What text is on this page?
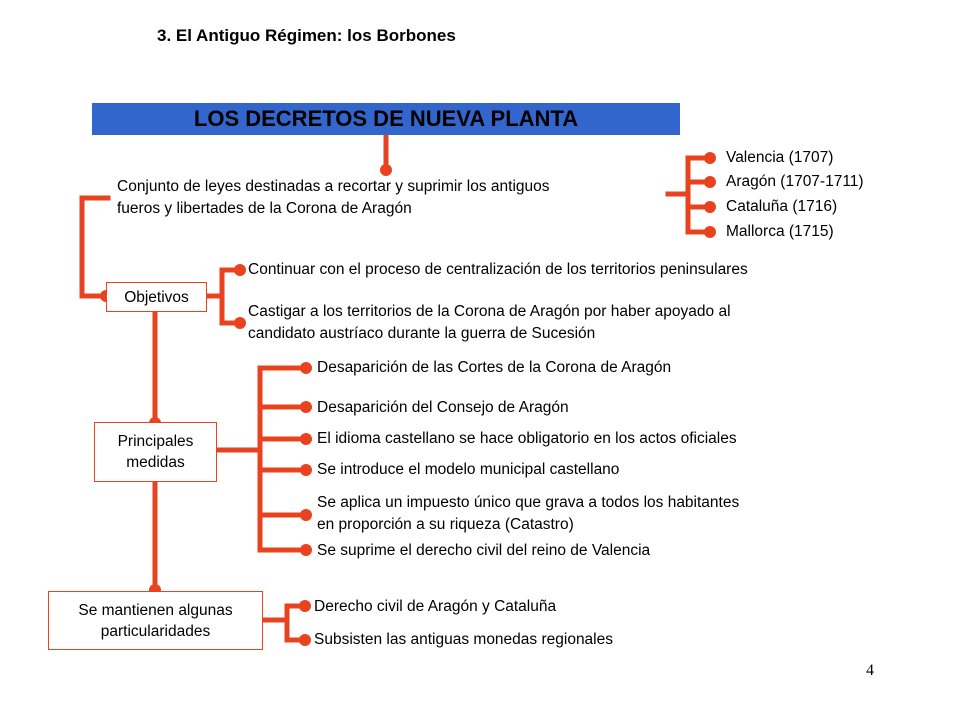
3. El Antiguo Régimen: los Borbones
LOS DECRETOS DE NUEVA PLANTA
Conjunto de leyes destinadas a recortar y suprimir los antiguos
fueros y libertades de la Corona de Aragón
Valencia (1707)
Aragón (1707-1711)
Cataluña (1716)
Mallorca (1715)
Objetivos
Continuar con el proceso de centralización de los territorios peninsulares
Castigar a los territorios de la Corona de Aragón por haber apoyado al
candidato austríaco durante la guerra de Sucesión
Principales
medidas
Desaparición de las Cortes de la Corona de Aragón
Desaparición del Consejo de Aragón
El idioma castellano se hace obligatorio en los actos oficiales
Se introduce el modelo municipal castellano
Se aplica un impuesto único que grava a todos los habitantes
en proporción a su riqueza (Catastro)
Se suprime el derecho civil del reino de Valencia
Se mantienen algunas
particularidades
Derecho civil de Aragón y Cataluña
Subsisten las antiguas monedas regionales
4
